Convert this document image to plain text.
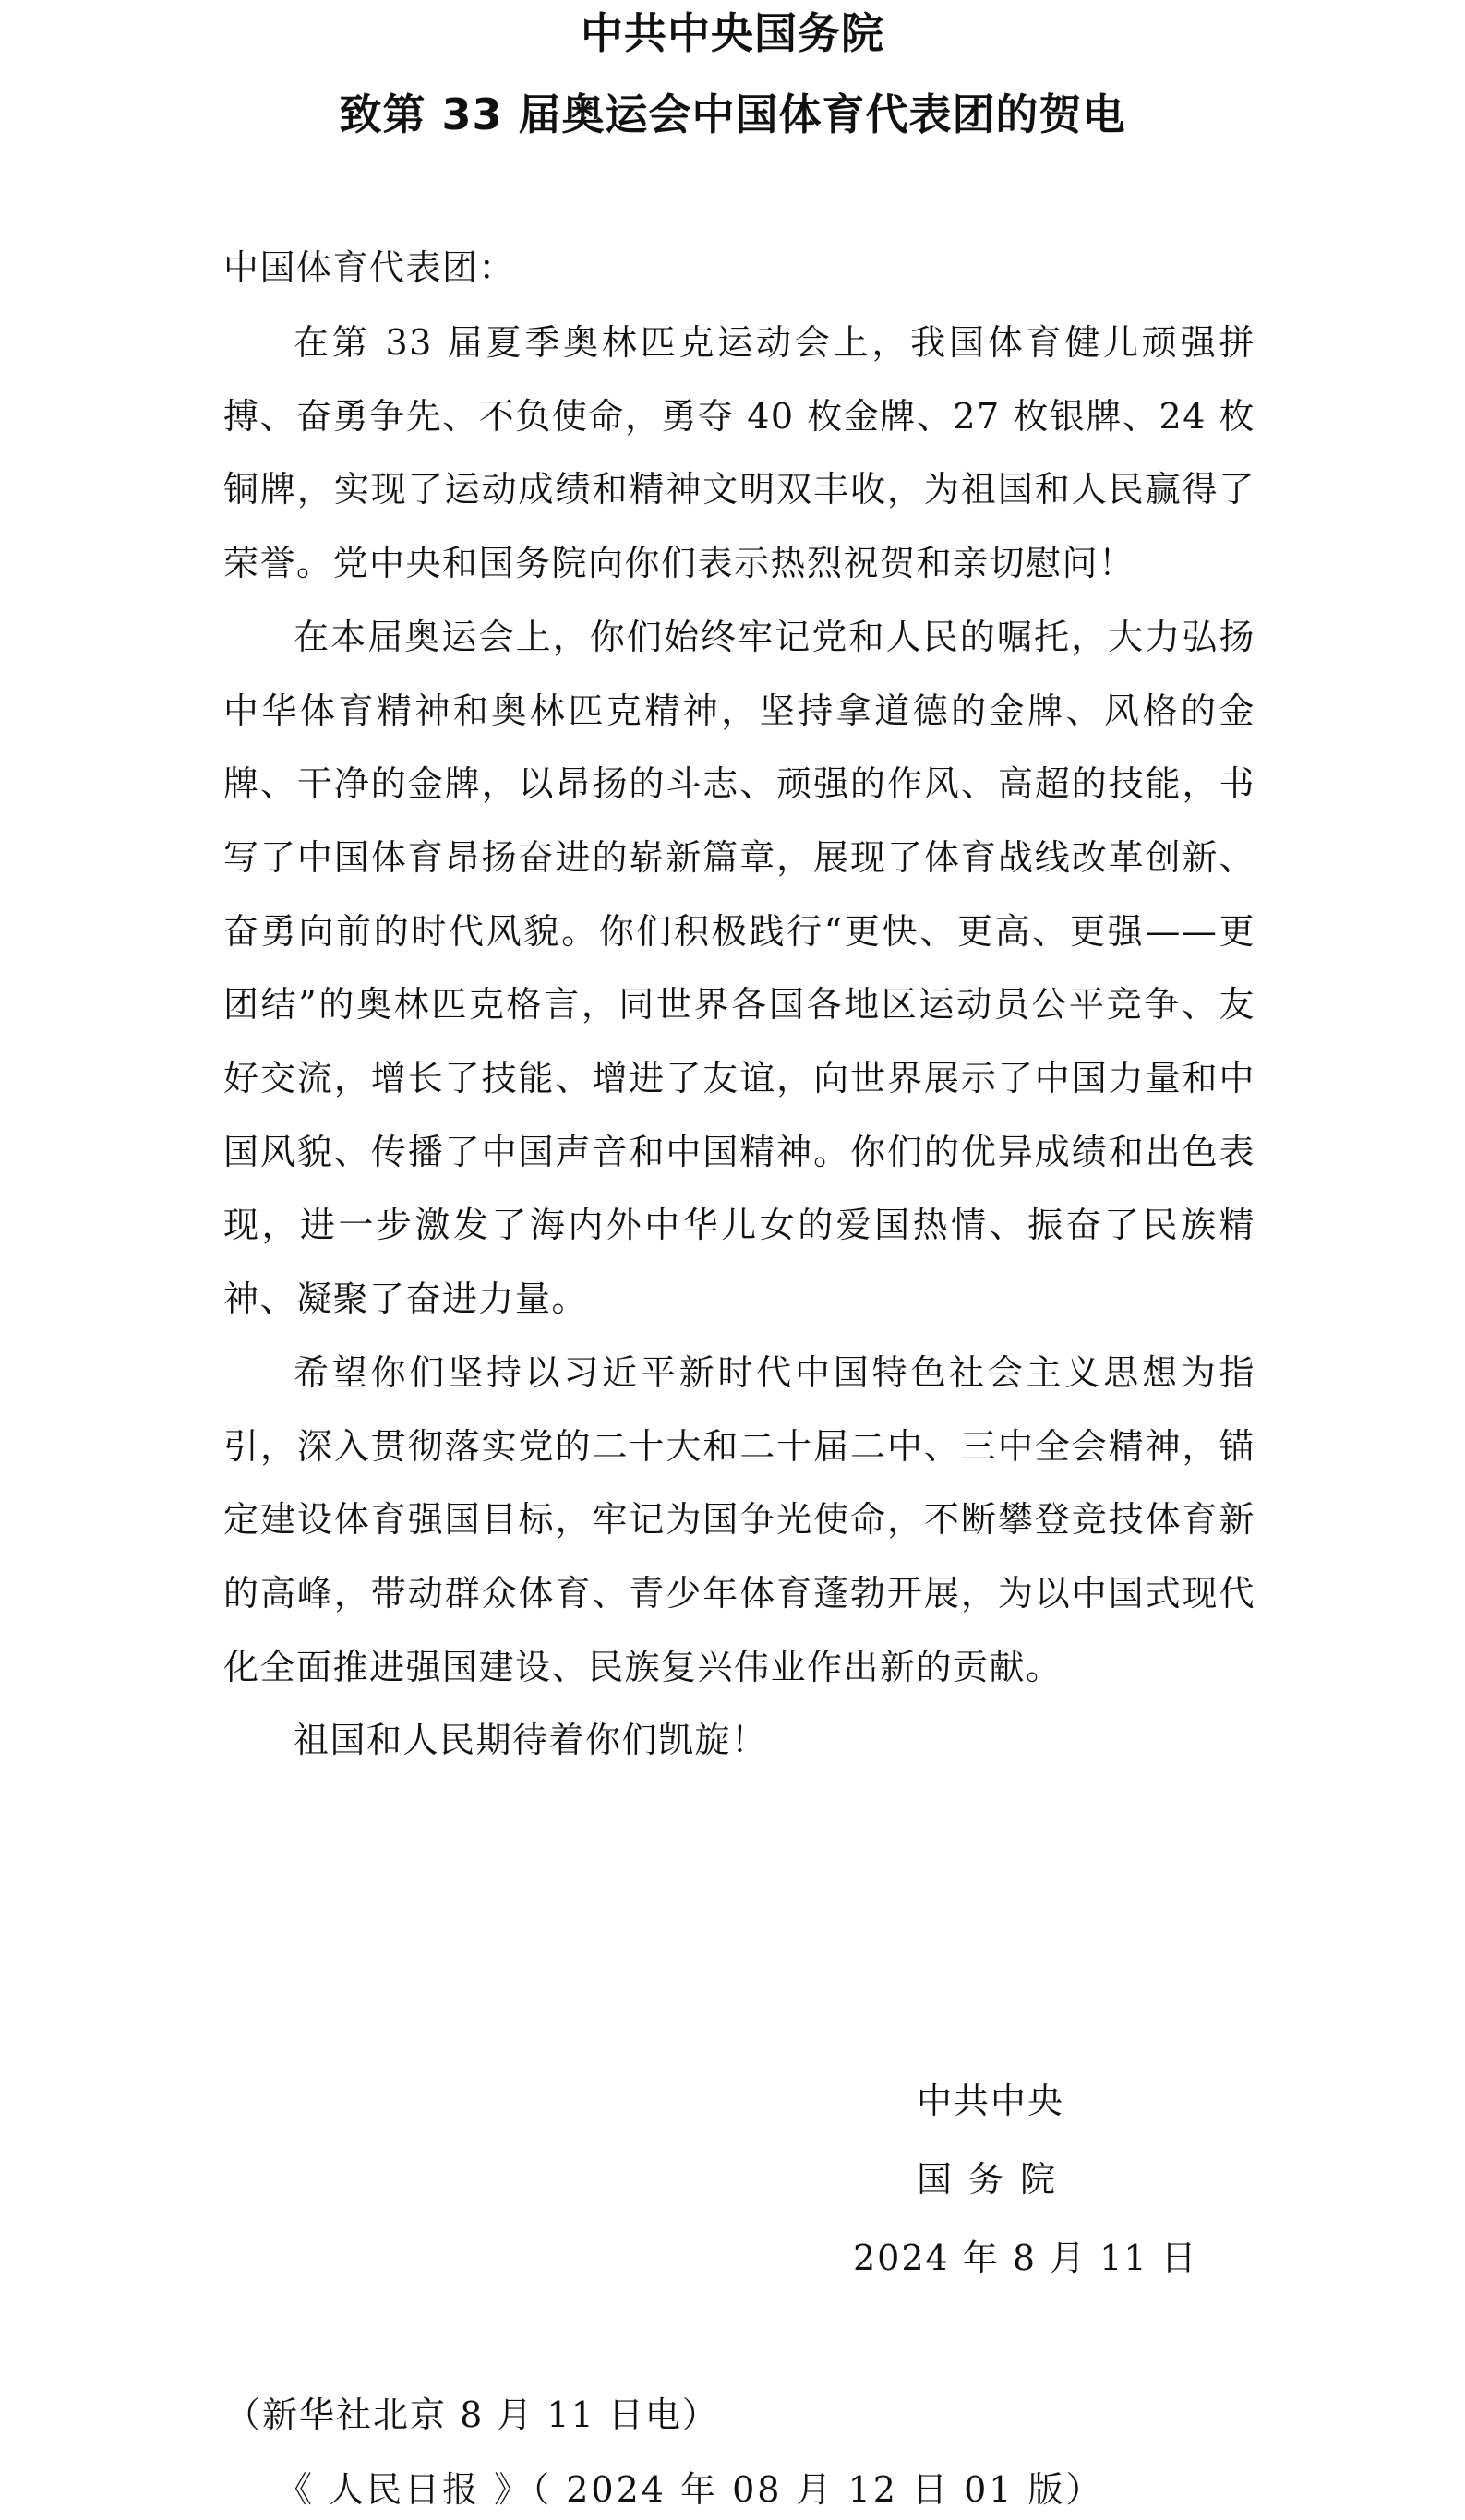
中共中央国务院
致第 33 届奥运会中国体育代表团的贺电
中国体育代表团：

在第 33 届夏季奥林匹克运动会上，我国体育健儿顽强拼搏、奋勇争先、不负使命，勇夺 40 枚金牌、27 枚银牌、24 枚铜牌，实现了运动成绩和精神文明双丰收，为祖国和人民赢得了荣誉。党中央和国务院向你们表示热烈祝贺和亲切慰问！

在本届奥运会上，你们始终牢记党和人民的嘱托，大力弘扬中华体育精神和奥林匹克精神，坚持拿道德的金牌、风格的金牌、干净的金牌，以昂扬的斗志、顽强的作风、高超的技能，书写了中国体育昂扬奋进的崭新篇章，展现了体育战线改革创新、奋勇向前的时代风貌。你们积极践行“更快、更高、更强——更团结”的奥林匹克格言，同世界各国各地区运动员公平竞争、友好交流，增长了技能、增进了友谊，向世界展示了中国力量和中国风貌、传播了中国声音和中国精神。你们的优异成绩和出色表现，进一步激发了海内外中华儿女的爱国热情、振奋了民族精神、凝聚了奋进力量。

希望你们坚持以习近平新时代中国特色社会主义思想为指引，深入贯彻落实党的二十大和二十届二中、三中全会精神，锚定建设体育强国目标，牢记为国争光使命，不断攀登竞技体育新的高峰，带动群众体育、青少年体育蓬勃开展，为以中国式现代化全面推进强国建设、民族复兴伟业作出新的贡献。

祖国和人民期待着你们凯旋！

中共中央
国务院
2024 年 8 月 11 日
（新华社北京 8 月 11 日电）
《 人民日报 》（ 2024 年 08 月 12 日 01 版）
